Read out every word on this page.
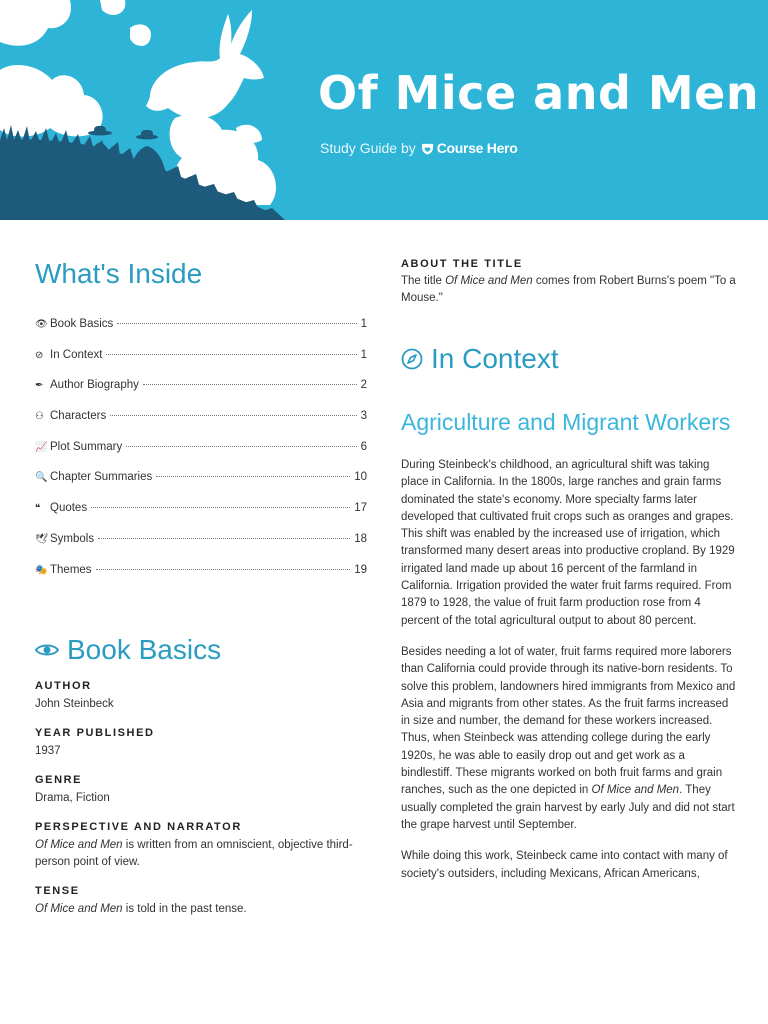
Of Mice and Men
Study Guide by Course Hero
What's Inside
👁 Book Basics	1
⊘ In Context	1
✒ Author Biography	2
⚇ Characters	3
📈 Plot Summary	6
🔍 Chapter Summaries	10
❝ Quotes	17
🕊 Symbols	18
🎭 Themes	19
Book Basics
AUTHOR
John Steinbeck
YEAR PUBLISHED
1937
GENRE
Drama, Fiction
PERSPECTIVE AND NARRATOR
Of Mice and Men is written from an omniscient, objective third-person point of view.
TENSE
Of Mice and Men is told in the past tense.
ABOUT THE TITLE
The title Of Mice and Men comes from Robert Burns's poem "To a Mouse."
In Context
Agriculture and Migrant Workers

During Steinbeck's childhood, an agricultural shift was taking place in California. In the 1800s, large ranches and grain farms dominated the state's economy. More specialty farms later developed that cultivated fruit crops such as oranges and grapes. This shift was enabled by the increased use of irrigation, which transformed many desert areas into productive cropland. By 1929 irrigated land made up about 16 percent of the farmland in California. Irrigation provided the water fruit farms required. From 1879 to 1928, the value of fruit farm production rose from 4 percent of the total agricultural output to about 80 percent.

Besides needing a lot of water, fruit farms required more laborers than California could provide through its native-born residents. To solve this problem, landowners hired immigrants from Mexico and Asia and migrants from other states. As the fruit farms increased in size and number, the demand for these workers increased. Thus, when Steinbeck was attending college during the early 1920s, he was able to easily drop out and get work as a bindlestiff. These migrants worked on both fruit farms and grain ranches, such as the one depicted in Of Mice and Men. They usually completed the grain harvest by early July and did not start the grape harvest until September.

While doing this work, Steinbeck came into contact with many of society's outsiders, including Mexicans, African Americans,
